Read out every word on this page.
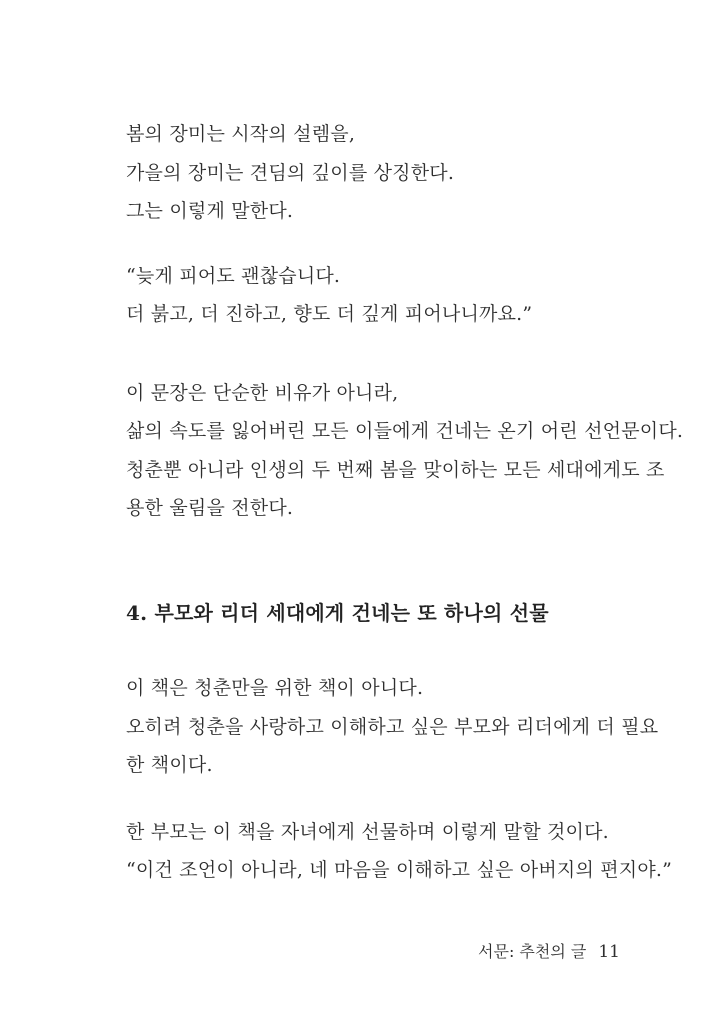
봄의 장미는 시작의 설렘을,
가을의 장미는 견딤의 깊이를 상징한다.
그는 이렇게 말한다.

“늦게 피어도 괜찮습니다.
더 붉고, 더 진하고, 향도 더 깊게 피어나니까요.”

이 문장은 단순한 비유가 아니라,
삶의 속도를 잃어버린 모든 이들에게 건네는 온기 어린 선언문이다.
청춘뿐 아니라 인생의 두 번째 봄을 맞이하는 모든 세대에게도 조
용한 울림을 전한다.

4. 부모와 리더 세대에게 건네는 또 하나의 선물

이 책은 청춘만을 위한 책이 아니다.
오히려 청춘을 사랑하고 이해하고 싶은 부모와 리더에게 더 필요
한 책이다.

한 부모는 이 책을 자녀에게 선물하며 이렇게 말할 것이다.
“이건 조언이 아니라, 네 마음을 이해하고 싶은 아버지의 편지야.”

서문: 추천의 글 11
